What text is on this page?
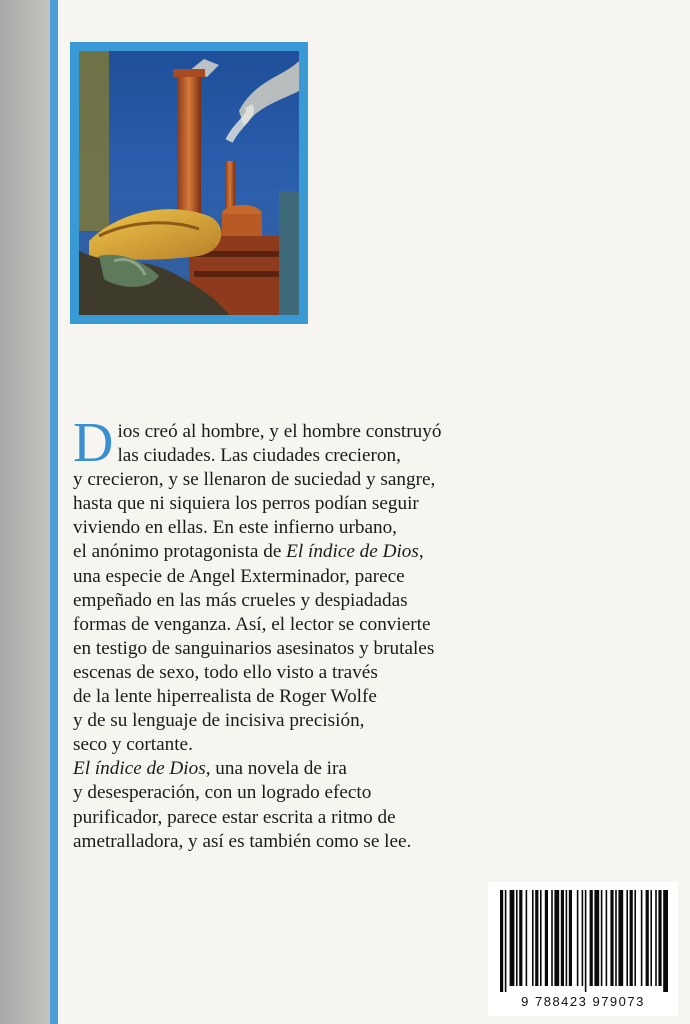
D ios creó al hombre, y el hombre construyó
las ciudades. Las ciudades crecieron,
y crecieron, y se llenaron de suciedad y sangre,
hasta que ni siquiera los perros podían seguir
viviendo en ellas. En este infierno urbano,
el anónimo protagonista de El índice de Dios,
una especie de Angel Exterminador, parece
empeñado en las más crueles y despiadadas
formas de venganza. Así, el lector se convierte
en testigo de sanguinarios asesinatos y brutales
escenas de sexo, todo ello visto a través
de la lente hiperrealista de Roger Wolfe
y de su lenguaje de incisiva precisión,
seco y cortante.
El índice de Dios, una novela de ira
y desesperación, con un logrado efecto
purificador, parece estar escrita a ritmo de
ametralladora, y así es también como se lee.
9 788423 979073
